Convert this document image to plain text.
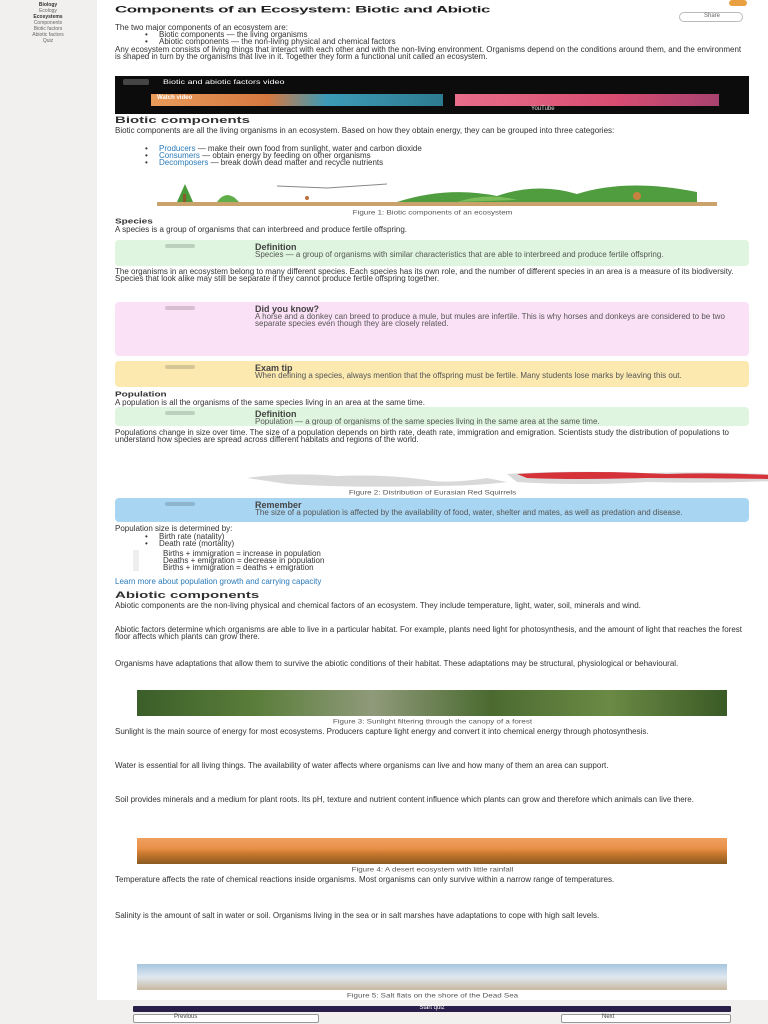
Biology
Ecology
Ecosystems
Components
Biotic factors
Abiotic factors
Quiz
Components of an Ecosystem: Biotic and Abiotic
Share
The two major components of an ecosystem are:
• Biotic components — the living organisms
• Abiotic components — the non-living physical and chemical factors
Any ecosystem consists of living things that interact with each other and with the non-living environment. Organisms depend on the conditions around them, and the environment is shaped in turn by the organisms that live in it. Together they form a functional unit called an ecosystem.
Biotic and abiotic factors video
Watch video
YouTube
Biotic components
Biotic components are all the living organisms in an ecosystem. Based on how they obtain energy, they can be grouped into three categories:
• Producers — make their own food from sunlight, water and carbon dioxide
• Consumers — obtain energy by feeding on other organisms
• Decomposers — break down dead matter and recycle nutrients
Figure 1: Biotic components of an ecosystem
Species
A species is a group of organisms that can interbreed and produce fertile offspring.
Definition
Species — a group of organisms with similar characteristics that are able to interbreed and produce fertile offspring.
The organisms in an ecosystem belong to many different species. Each species has its own role, and the number of different species in an area is a measure of its biodiversity. Species that look alike may still be separate if they cannot produce fertile offspring together.
Did you know?
A horse and a donkey can breed to produce a mule, but mules are infertile. This is why horses and donkeys are considered to be two separate species even though they are closely related.
Exam tip
When defining a species, always mention that the offspring must be fertile. Many students lose marks by leaving this out.
Population
A population is all the organisms of the same species living in an area at the same time.
Definition
Population — a group of organisms of the same species living in the same area at the same time.
Populations change in size over time. The size of a population depends on birth rate, death rate, immigration and emigration. Scientists study the distribution of populations to understand how species are spread across different habitats and regions of the world.
Figure 2: Distribution of Eurasian Red Squirrels
Remember
The size of a population is affected by the availability of food, water, shelter and mates, as well as predation and disease.
Population size is determined by:
• Birth rate (natality)
• Death rate (mortality)
Births + immigration = increase in population
Deaths + emigration = decrease in population
Births + immigration = deaths + emigration
Learn more about population growth and carrying capacity
Abiotic components
Abiotic components are the non-living physical and chemical factors of an ecosystem. They include temperature, light, water, soil, minerals and wind.
Abiotic factors determine which organisms are able to live in a particular habitat. For example, plants need light for photosynthesis, and the amount of light that reaches the forest floor affects which plants can grow there.
Organisms have adaptations that allow them to survive the abiotic conditions of their habitat. These adaptations may be structural, physiological or behavioural.
Figure 3: Sunlight filtering through the canopy of a forest
Sunlight is the main source of energy for most ecosystems. Producers capture light energy and convert it into chemical energy through photosynthesis.
Water is essential for all living things. The availability of water affects where organisms can live and how many of them an area can support.
Soil provides minerals and a medium for plant roots. Its pH, texture and nutrient content influence which plants can grow and therefore which animals can live there.
Figure 4: A desert ecosystem with little rainfall
Temperature affects the rate of chemical reactions inside organisms. Most organisms can only survive within a narrow range of temperatures.
Salinity is the amount of salt in water or soil. Organisms living in the sea or in salt marshes have adaptations to cope with high salt levels.
Figure 5: Salt flats on the shore of the Dead Sea
Start quiz
Previous	Next
